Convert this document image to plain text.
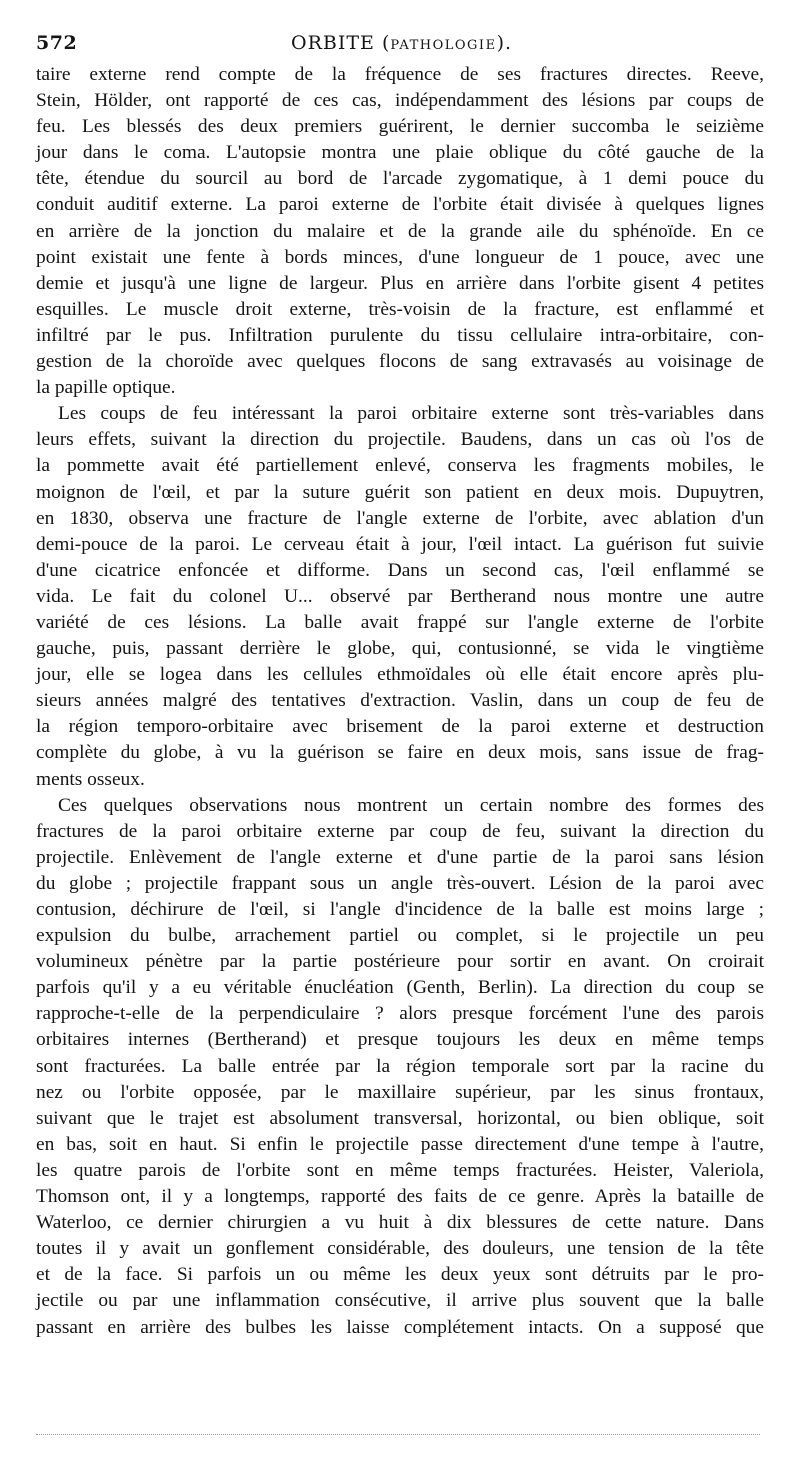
572	ORBITE (PATHOLOGIE).
taire externe rend compte de la fréquence de ses fractures directes. Reeve,
Stein, Hölder, ont rapporté de ces cas, indépendamment des lésions par coups de
feu. Les blessés des deux premiers guérirent, le dernier succomba le seizième
jour dans le coma. L'autopsie montra une plaie oblique du côté gauche de la
tête, étendue du sourcil au bord de l'arcade zygomatique, à 1 demi pouce du
conduit auditif externe. La paroi externe de l'orbite était divisée à quelques lignes
en arrière de la jonction du malaire et de la grande aile du sphénoïde. En ce
point existait une fente à bords minces, d'une longueur de 1 pouce, avec une
demie et jusqu'à une ligne de largeur. Plus en arrière dans l'orbite gisent 4 petites
esquilles. Le muscle droit externe, très-voisin de la fracture, est enflammé et
infiltré par le pus. Infiltration purulente du tissu cellulaire intra-orbitaire, con-
gestion de la choroïde avec quelques flocons de sang extravasés au voisinage de
la papille optique.
Les coups de feu intéressant la paroi orbitaire externe sont très-variables dans
leurs effets, suivant la direction du projectile. Baudens, dans un cas où l'os de
la pommette avait été partiellement enlevé, conserva les fragments mobiles, le
moignon de l'œil, et par la suture guérit son patient en deux mois. Dupuytren,
en 1830, observa une fracture de l'angle externe de l'orbite, avec ablation d'un
demi-pouce de la paroi. Le cerveau était à jour, l'œil intact. La guérison fut suivie
d'une cicatrice enfoncée et difforme. Dans un second cas, l'œil enflammé se
vida. Le fait du colonel U... observé par Bertherand nous montre une autre
variété de ces lésions. La balle avait frappé sur l'angle externe de l'orbite
gauche, puis, passant derrière le globe, qui, contusionné, se vida le vingtième
jour, elle se logea dans les cellules ethmoïdales où elle était encore après plu-
sieurs années malgré des tentatives d'extraction. Vaslin, dans un coup de feu de
la région temporo-orbitaire avec brisement de la paroi externe et destruction
complète du globe, à vu la guérison se faire en deux mois, sans issue de frag-
ments osseux.
Ces quelques observations nous montrent un certain nombre des formes des
fractures de la paroi orbitaire externe par coup de feu, suivant la direction du
projectile. Enlèvement de l'angle externe et d'une partie de la paroi sans lésion
du globe ; projectile frappant sous un angle très-ouvert. Lésion de la paroi avec
contusion, déchirure de l'œil, si l'angle d'incidence de la balle est moins large ;
expulsion du bulbe, arrachement partiel ou complet, si le projectile un peu
volumineux pénètre par la partie postérieure pour sortir en avant. On croirait
parfois qu'il y a eu véritable énucléation (Genth, Berlin). La direction du coup se
rapproche-t-elle de la perpendiculaire ? alors presque forcément l'une des parois
orbitaires internes (Bertherand) et presque toujours les deux en même temps
sont fracturées. La balle entrée par la région temporale sort par la racine du
nez ou l'orbite opposée, par le maxillaire supérieur, par les sinus frontaux,
suivant que le trajet est absolument transversal, horizontal, ou bien oblique, soit
en bas, soit en haut. Si enfin le projectile passe directement d'une tempe à l'autre,
les quatre parois de l'orbite sont en même temps fracturées. Heister, Valeriola,
Thomson ont, il y a longtemps, rapporté des faits de ce genre. Après la bataille de
Waterloo, ce dernier chirurgien a vu huit à dix blessures de cette nature. Dans
toutes il y avait un gonflement considérable, des douleurs, une tension de la tête
et de la face. Si parfois un ou même les deux yeux sont détruits par le pro-
jectile ou par une inflammation consécutive, il arrive plus souvent que la balle
passant en arrière des bulbes les laisse complétement intacts. On a supposé que
